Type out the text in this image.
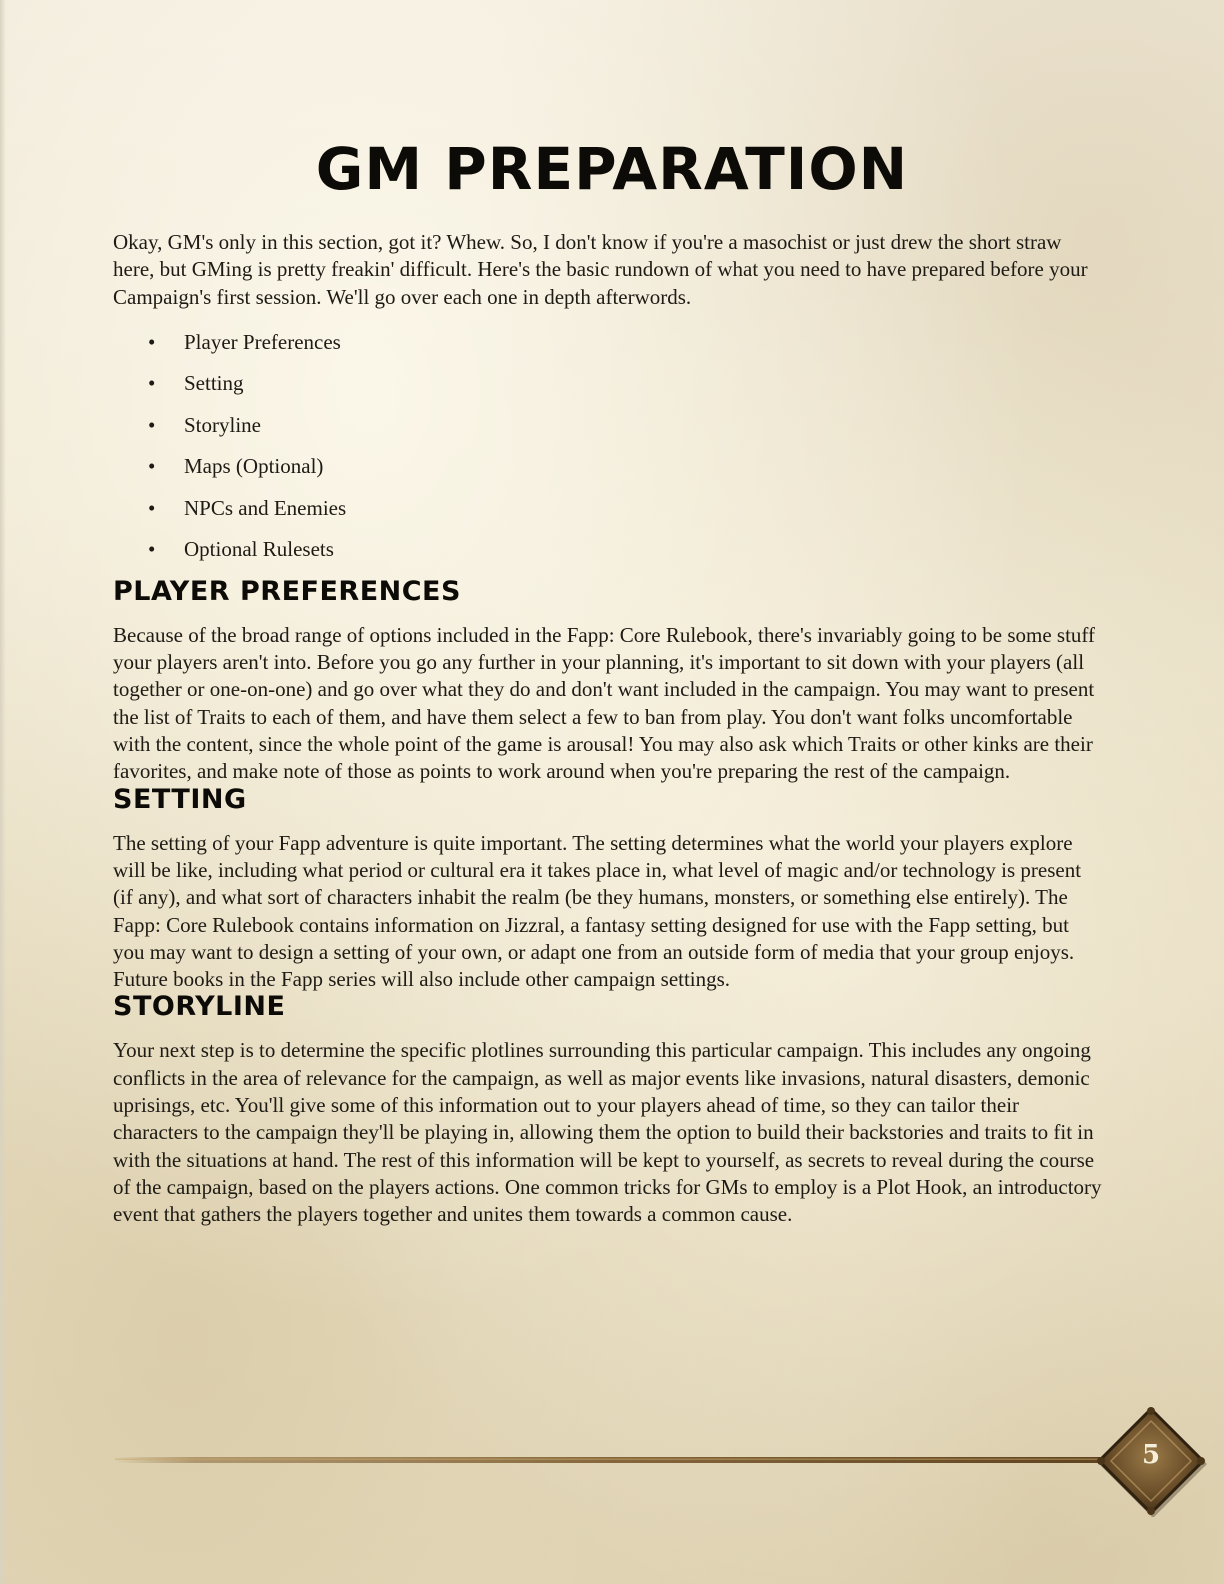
GM PREPARATION

Okay, GM's only in this section, got it? Whew. So, I don't know if you're a masochist or just drew the short straw here, but GMing is pretty freakin' difficult. Here's the basic rundown of what you need to have prepared before your Campaign's first session. We'll go over each one in depth afterwords.

• Player Preferences
• Setting
• Storyline
• Maps (Optional)
• NPCs and Enemies
• Optional Rulesets
PLAYER PREFERENCES

Because of the broad range of options included in the Fapp: Core Rulebook, there's invariably going to be some stuff your players aren't into. Before you go any further in your planning, it's important to sit down with your players (all together or one-on-one) and go over what they do and don't want included in the campaign. You may want to present the list of Traits to each of them, and have them select a few to ban from play. You don't want folks uncomfortable with the content, since the whole point of the game is arousal! You may also ask which Traits or other kinks are their favorites, and make note of those as points to work around when you're preparing the rest of the campaign.

SETTING

The setting of your Fapp adventure is quite important. The setting determines what the world your players explore will be like, including what period or cultural era it takes place in, what level of magic and/or technology is present (if any), and what sort of characters inhabit the realm (be they humans, monsters, or something else entirely). The Fapp: Core Rulebook contains information on Jizzral, a fantasy setting designed for use with the Fapp setting, but you may want to design a setting of your own, or adapt one from an outside form of media that your group enjoys. Future books in the Fapp series will also include other campaign settings.

STORYLINE

Your next step is to determine the specific plotlines surrounding this particular campaign. This includes any ongoing conflicts in the area of relevance for the campaign, as well as major events like invasions, natural disasters, demonic uprisings, etc. You'll give some of this information out to your players ahead of time, so they can tailor their characters to the campaign they'll be playing in, allowing them the option to build their backstories and traits to fit in with the situations at hand. The rest of this information will be kept to yourself, as secrets to reveal during the course of the campaign, based on the players actions. One common tricks for GMs to employ is a Plot Hook, an introductory event that gathers the players together and unites them towards a common cause.

5
